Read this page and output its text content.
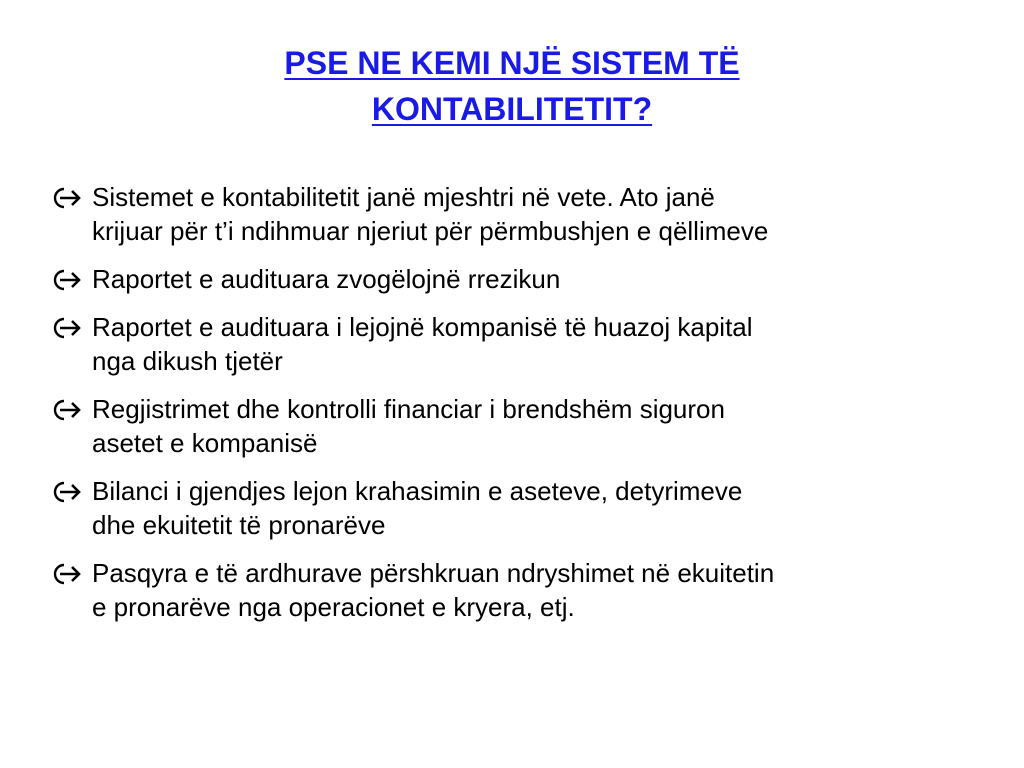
PSE NE KEMI NJË SISTEM TË
KONTABILITETIT?
Sistemet e kontabilitetit janë mjeshtri në vete. Ato janë
krijuar për t’i ndihmuar njeriut për përmbushjen e qëllimeve
Raportet e audituara zvogëlojnë rrezikun
Raportet e audituara i lejojnë kompanisë të huazoj kapital
nga dikush tjetër
Regjistrimet dhe kontrolli financiar i brendshëm siguron
asetet e kompanisë
Bilanci i gjendjes lejon krahasimin e aseteve, detyrimeve
dhe ekuitetit të pronarëve
Pasqyra e të ardhurave përshkruan ndryshimet në ekuitetin
e pronarëve nga operacionet e kryera, etj.
